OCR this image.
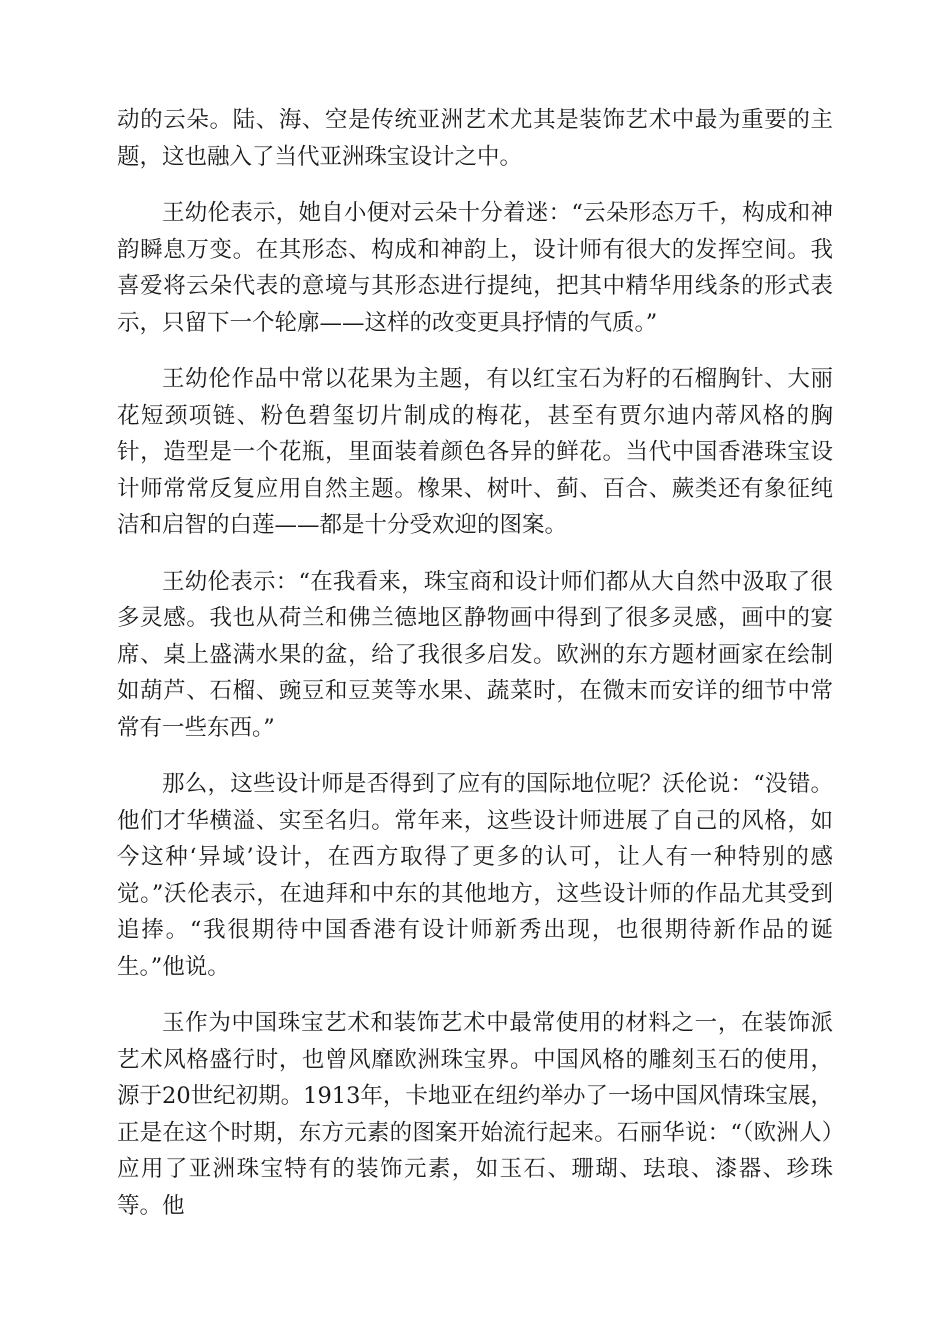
动的云朵。陆、海、空是传统亚洲艺术尤其是装饰艺术中最为重要的主题，这也融入了当代亚洲珠宝设计之中。

王幼伦表示，她自小便对云朵十分着迷：“云朵形态万千，构成和神韵瞬息万变。在其形态、构成和神韵上，设计师有很大的发挥空间。我喜爱将云朵代表的意境与其形态进行提纯，把其中精华用线条的形式表示，只留下一个轮廓——这样的改变更具抒情的气质。”

王幼伦作品中常以花果为主题，有以红宝石为籽的石榴胸针、大丽花短颈项链、粉色碧玺切片制成的梅花，甚至有贾尔迪内蒂风格的胸针，造型是一个花瓶，里面装着颜色各异的鲜花。当代中国香港珠宝设计师常常反复应用自然主题。橡果、树叶、蓟、百合、蕨类还有象征纯洁和启智的白莲——都是十分受欢迎的图案。

王幼伦表示：“在我看来，珠宝商和设计师们都从大自然中汲取了很多灵感。我也从荷兰和佛兰德地区静物画中得到了很多灵感，画中的宴席、桌上盛满水果的盆，给了我很多启发。欧洲的东方题材画家在绘制如葫芦、石榴、豌豆和豆荚等水果、蔬菜时，在微末而安详的细节中常常有一些东西。”

那么，这些设计师是否得到了应有的国际地位呢？沃伦说：“没错。他们才华横溢、实至名归。常年来，这些设计师进展了自己的风格，如今这种‘异域’设计，在西方取得了更多的认可，让人有一种特别的感觉。”沃伦表示，在迪拜和中东的其他地方，这些设计师的作品尤其受到追捧。“我很期待中国香港有设计师新秀出现，也很期待新作品的诞生。”他说。

玉作为中国珠宝艺术和装饰艺术中最常使用的材料之一，在装饰派艺术风格盛行时，也曾风靡欧洲珠宝界。中国风格的雕刻玉石的使用，源于20世纪初期。1913年，卡地亚在纽约举办了一场中国风情珠宝展，正是在这个时期，东方元素的图案开始流行起来。石丽华说：“（欧洲人）应用了亚洲珠宝特有的装饰元素，如玉石、珊瑚、珐琅、漆器、珍珠等。他
